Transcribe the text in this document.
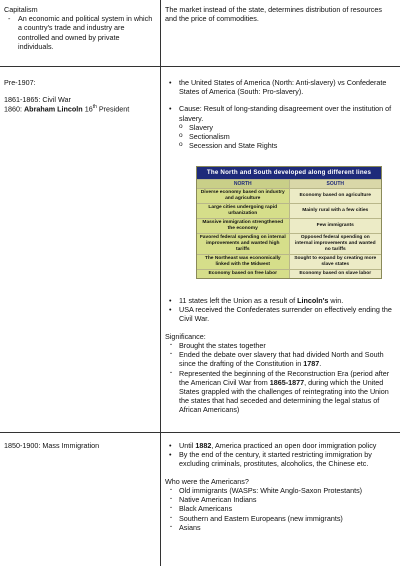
Capitalism

- An economic and political system in which a country's trade and industry are controlled and owned by private individuals.

The market instead of the state, determines distribution of resources and the price of commodities.

Pre-1907:

1861-1865: Civil War

1860: Abraham Lincoln 16th President

• the United States of America (North: Anti-slavery) vs Confederate States of America (South: Pro-slavery).
• Cause: Result of long-standing disagreement over the institution of slavery.
o Slavery
o Sectionalism
o Secession and State Rights
The North and South developed along different lines
NORTH	SOUTH
Diverse economy based on industry and agriculture
Economy based on agriculture
Large cities undergoing rapid urbanization
Mainly rural with a few cities
Massive immigration strengthened the economy
Few immigrants
Favored federal spending on internal improvements and wanted high tariffs
Opposed federal spending on internal improvements and wanted no tariffs
The Northeast was economically linked with the Midwest
Sought to expand by creating more slave states
Economy based on free labor	Economy based on slave labor
• 11 states left the Union as a result of Lincoln's win.
• USA received the Confederates surrender on effectively ending the Civil War.

Significance:

· Brought the states together
· Ended the debate over slavery that had divided North and South since the drafting of the Constitution in 1787.
· Represented the beginning of the Reconstruction Era (period after the American Civil War from 1865-1877, during which the United States grappled with the challenges of reintegrating into the Union the states that had seceded and determining the legal status of African Americans)

1850-1900: Mass Immigration

•	Until 1882, America practiced an open door immigration policy
• By the end of the century, it started restricting immigration by excluding criminals, prostitutes, alcoholics, the Chinese etc.

Who were the Americans?

· Old immigrants (WASPs: White Anglo-Saxon Protestants)
· Native American Indians
· Black Americans
· Southern and Eastern Europeans (new immigrants)
· Asians
